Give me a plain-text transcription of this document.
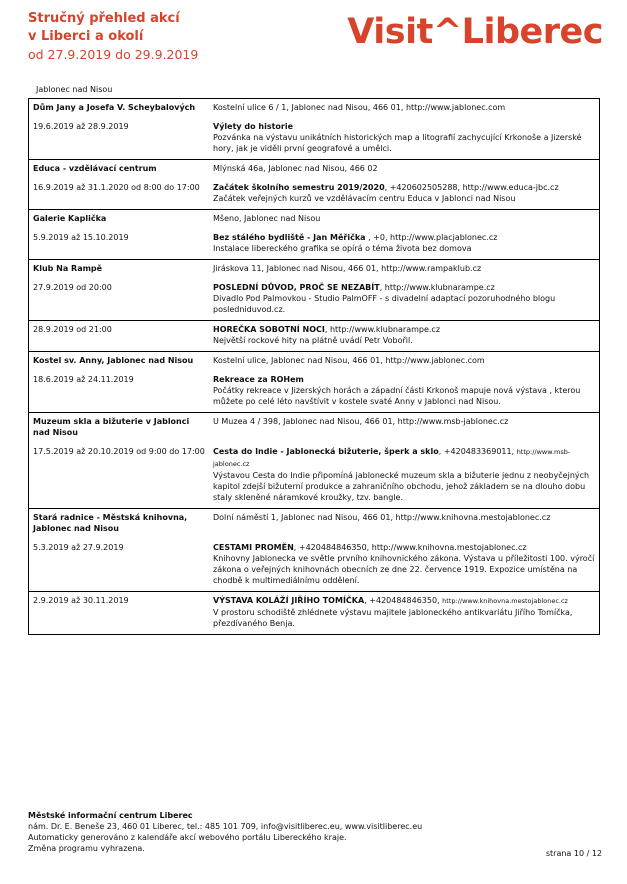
Stručný přehled akcí
v Liberci a okolí
od 27.9.2019 do 29.9.2019
Visit^Liberec
Jablonec nad Nisou
Dům Jany a Josefa V. Scheybalových	Kostelní ulice 6 / 1, Jablonec nad Nisou, 466 01, http://www.jablonec.com
19.6.2019 až 28.9.2019	Výlety do historie
Pozvánka na výstavu unikátních historických map a litografií zachycující Krkonoše a Jizerské hory, jak je viděli první geografové a umělci.

Educa - vzdělávací centrum	Mlýnská 46a, Jablonec nad Nisou, 466 02
16.9.2019 až 31.1.2020 od 8:00 do 17:00	Začátek školního semestru 2019/2020, +420602505288, http://www.educa-jbc.cz
Začátek veřejných kurzů ve vzdělávacím centru Educa v Jablonci nad Nisou

Galerie Kaplička	Mšeno, Jablonec nad Nisou
5.9.2019 až 15.10.2019	Bez stálého bydliště - Jan Měřička , +0, http://www.placjablonec.cz
Instalace libereckého grafika se opírá o téma života bez domova

Klub Na Rampě	Jiráskova 11, Jablonec nad Nisou, 466 01, http://www.rampaklub.cz
27.9.2019 od 20:00	POSLEDNÍ DŮVOD, PROČ SE NEZABÍT, http://www.klubnarampe.cz
Divadlo Pod Palmovkou - Studio PalmOFF - s divadelní adaptací pozoruhodného blogu posledniduvod.cz.

28.9.2019 od 21:00	HOREČKA SOBOTNÍ NOCI, http://www.klubnarampe.cz
Největší rockové hity na plátně uvádí Petr Vobořil.

Kostel sv. Anny, Jablonec nad Nisou	Kostelní ulice, Jablonec nad Nisou, 466 01, http://www.jablonec.com
18.6.2019 až 24.11.2019	Rekreace za ROHem
Počátky rekreace v Jizerských horách a západní části Krkonoš mapuje nová výstava , kterou můžete po celé léto navštívit v kostele svaté Anny v Jablonci nad Nisou.

Muzeum skla a bižuterie v Jablonci nad Nisou	U Muzea 4 / 398, Jablonec nad Nisou, 466 01, http://www.msb-jablonec.cz
17.5.2019 až 20.10.2019 od 9:00 do 17:00	Cesta do Indie - Jablonecká bižuterie, šperk a sklo, +420483369011, http://www.msb-jablonec.cz
Výstavou Cesta do Indie připomíná jablonecké muzeum skla a bižuterie jednu z neobyčejných kapitol zdejší bižuterní produkce a zahraničního obchodu, jehož základem se na dlouho dobu staly skleněné náramkové kroužky, tzv. bangle.

Stará radnice - Městská knihovna, Jablonec nad Nisou	Dolní náměstí 1, Jablonec nad Nisou, 466 01, http://www.knihovna.mestojablonec.cz
5.3.2019 až 27.9.2019	CESTAMI PROMĚN, +420484846350, http://www.knihovna.mestojablonec.cz
Knihovny Jablonecka ve světle prvního knihovnického zákona. Výstava u příležitosti 100. výročí zákona o veřejných knihovnách obecních ze dne 22. července 1919. Expozice umístěna na chodbě k multimediálnímu oddělení.

2.9.2019 až 30.11.2019	VÝSTAVA KOLÁŽÍ JIŘÍHO TOMÍČKA, +420484846350, http://www.knihovna.mestojablonec.cz
V prostoru schodiště zhlédnete výstavu majitele jabloneckého antikvariátu Jiřího Tomíčka, přezdívaného Benja.
Městské informační centrum Liberec
nám. Dr. E. Beneše 23, 460 01 Liberec, tel.: 485 101 709, info@visitliberec.eu, www.visitliberec.eu
Automaticky generováno z kalendáře akcí webového portálu Libereckého kraje.
Změna programu vyhrazena.
strana 10 / 12
